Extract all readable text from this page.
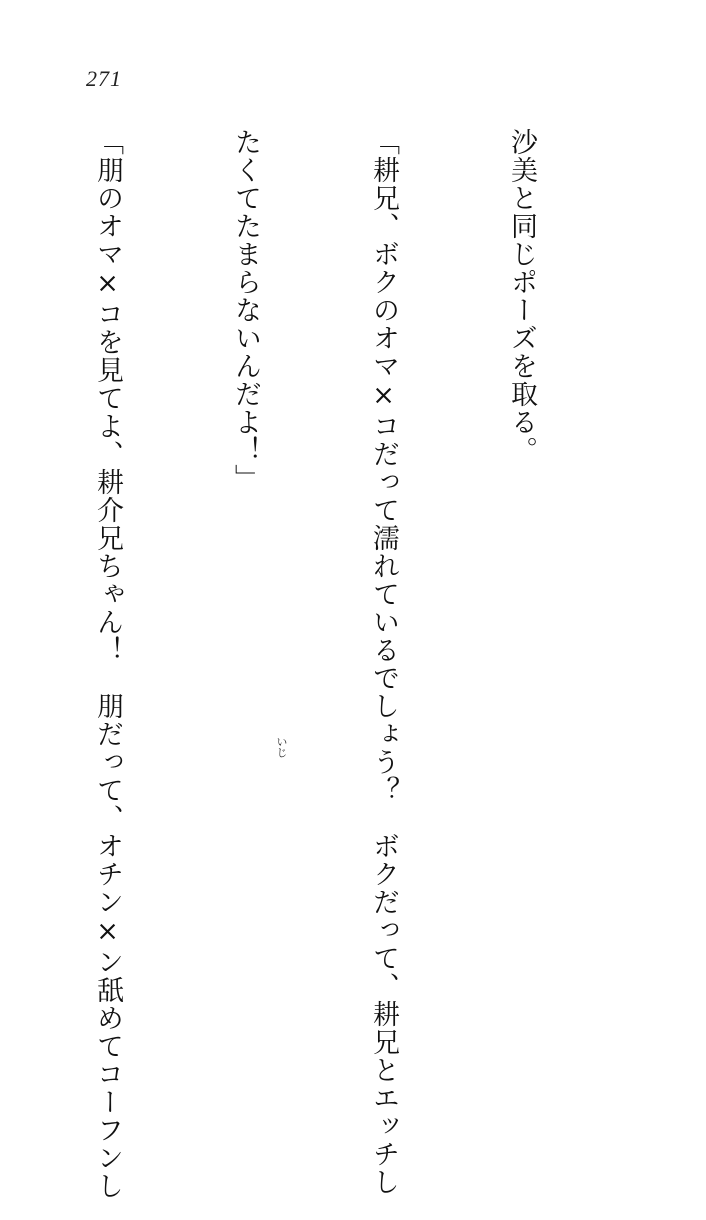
271

沙美と同じポーズを取る。

「耕兄、ボクのオマ×コだって濡れているでしょう？　ボクだって、耕兄とエッチし

たくてたまらないんだよ！」

「朋のオマ×コを見てよ、耕介兄ちゃん！　朋だって、オチン×ン舐めてコーフンし

	いじ
